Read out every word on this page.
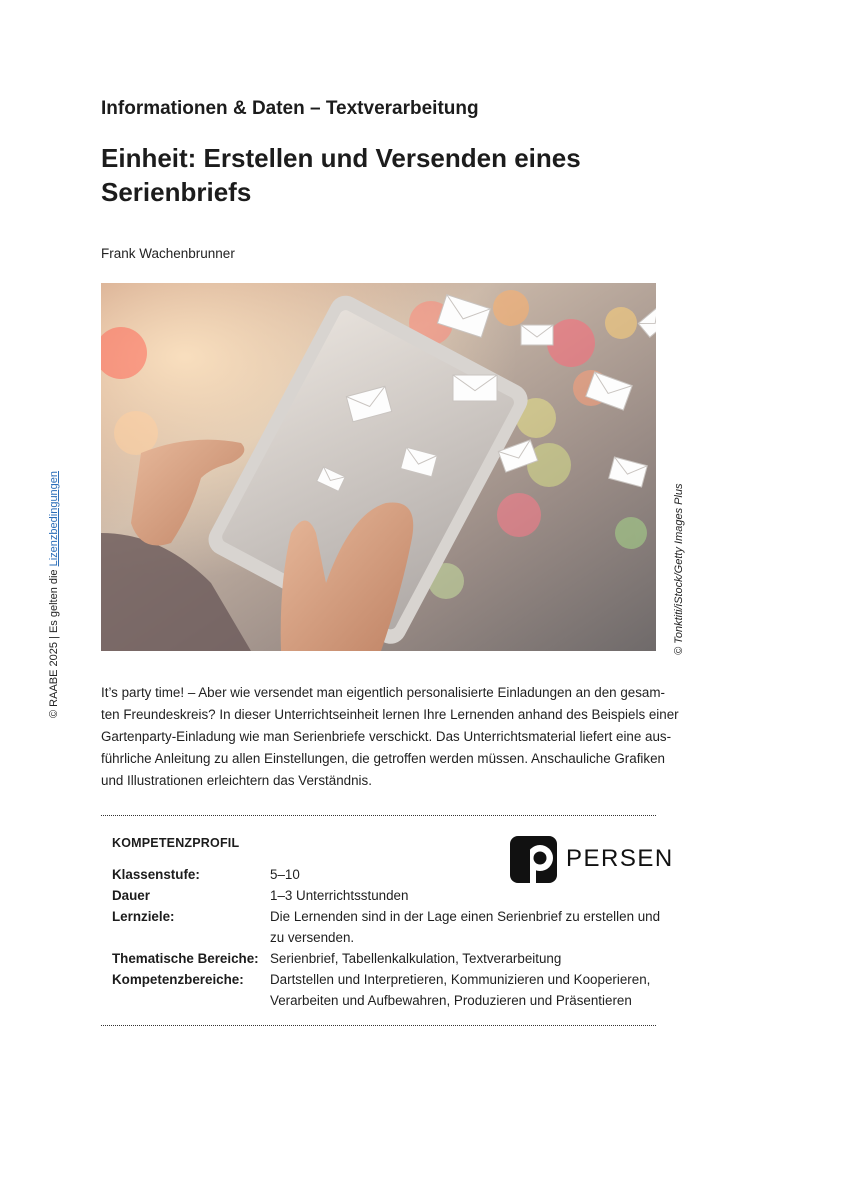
Informationen & Daten – Textverarbeitung
Einheit: Erstellen und Versenden eines
Serienbriefs
Frank Wachenbrunner
© Tonktiti/iStock/Getty Images Plus
© RAABE 2025 | Es gelten die Lizenzbedingungen
It’s party time! – Aber wie versendet man eigentlich personalisierte Einladungen an den gesam-
ten Freundeskreis? In dieser Unterrichtseinheit lernen Ihre Lernenden anhand des Beispiels einer
Gartenparty-Einladung wie man Serienbriefe verschickt. Das Unterrichtsmaterial liefert eine aus-
führliche Anleitung zu allen Einstellungen, die getroffen werden müssen. Anschauliche Grafiken
und Illustrationen erleichtern das Verständnis.
KOMPETENZPROFIL
PERSEN
Klassenstufe:	5–10
Dauer	1–3 Unterrichtsstunden
Lernziele:	Die Lernenden sind in der Lage einen Serienbrief zu erstellen und
zu versenden.
Thematische Bereiche: Serienbrief, Tabellenkalkulation, Textverarbeitung
Kompetenzbereiche: Dartstellen und Interpretieren, Kommunizieren und Kooperieren,
Verarbeiten und Aufbewahren, Produzieren und Präsentieren
